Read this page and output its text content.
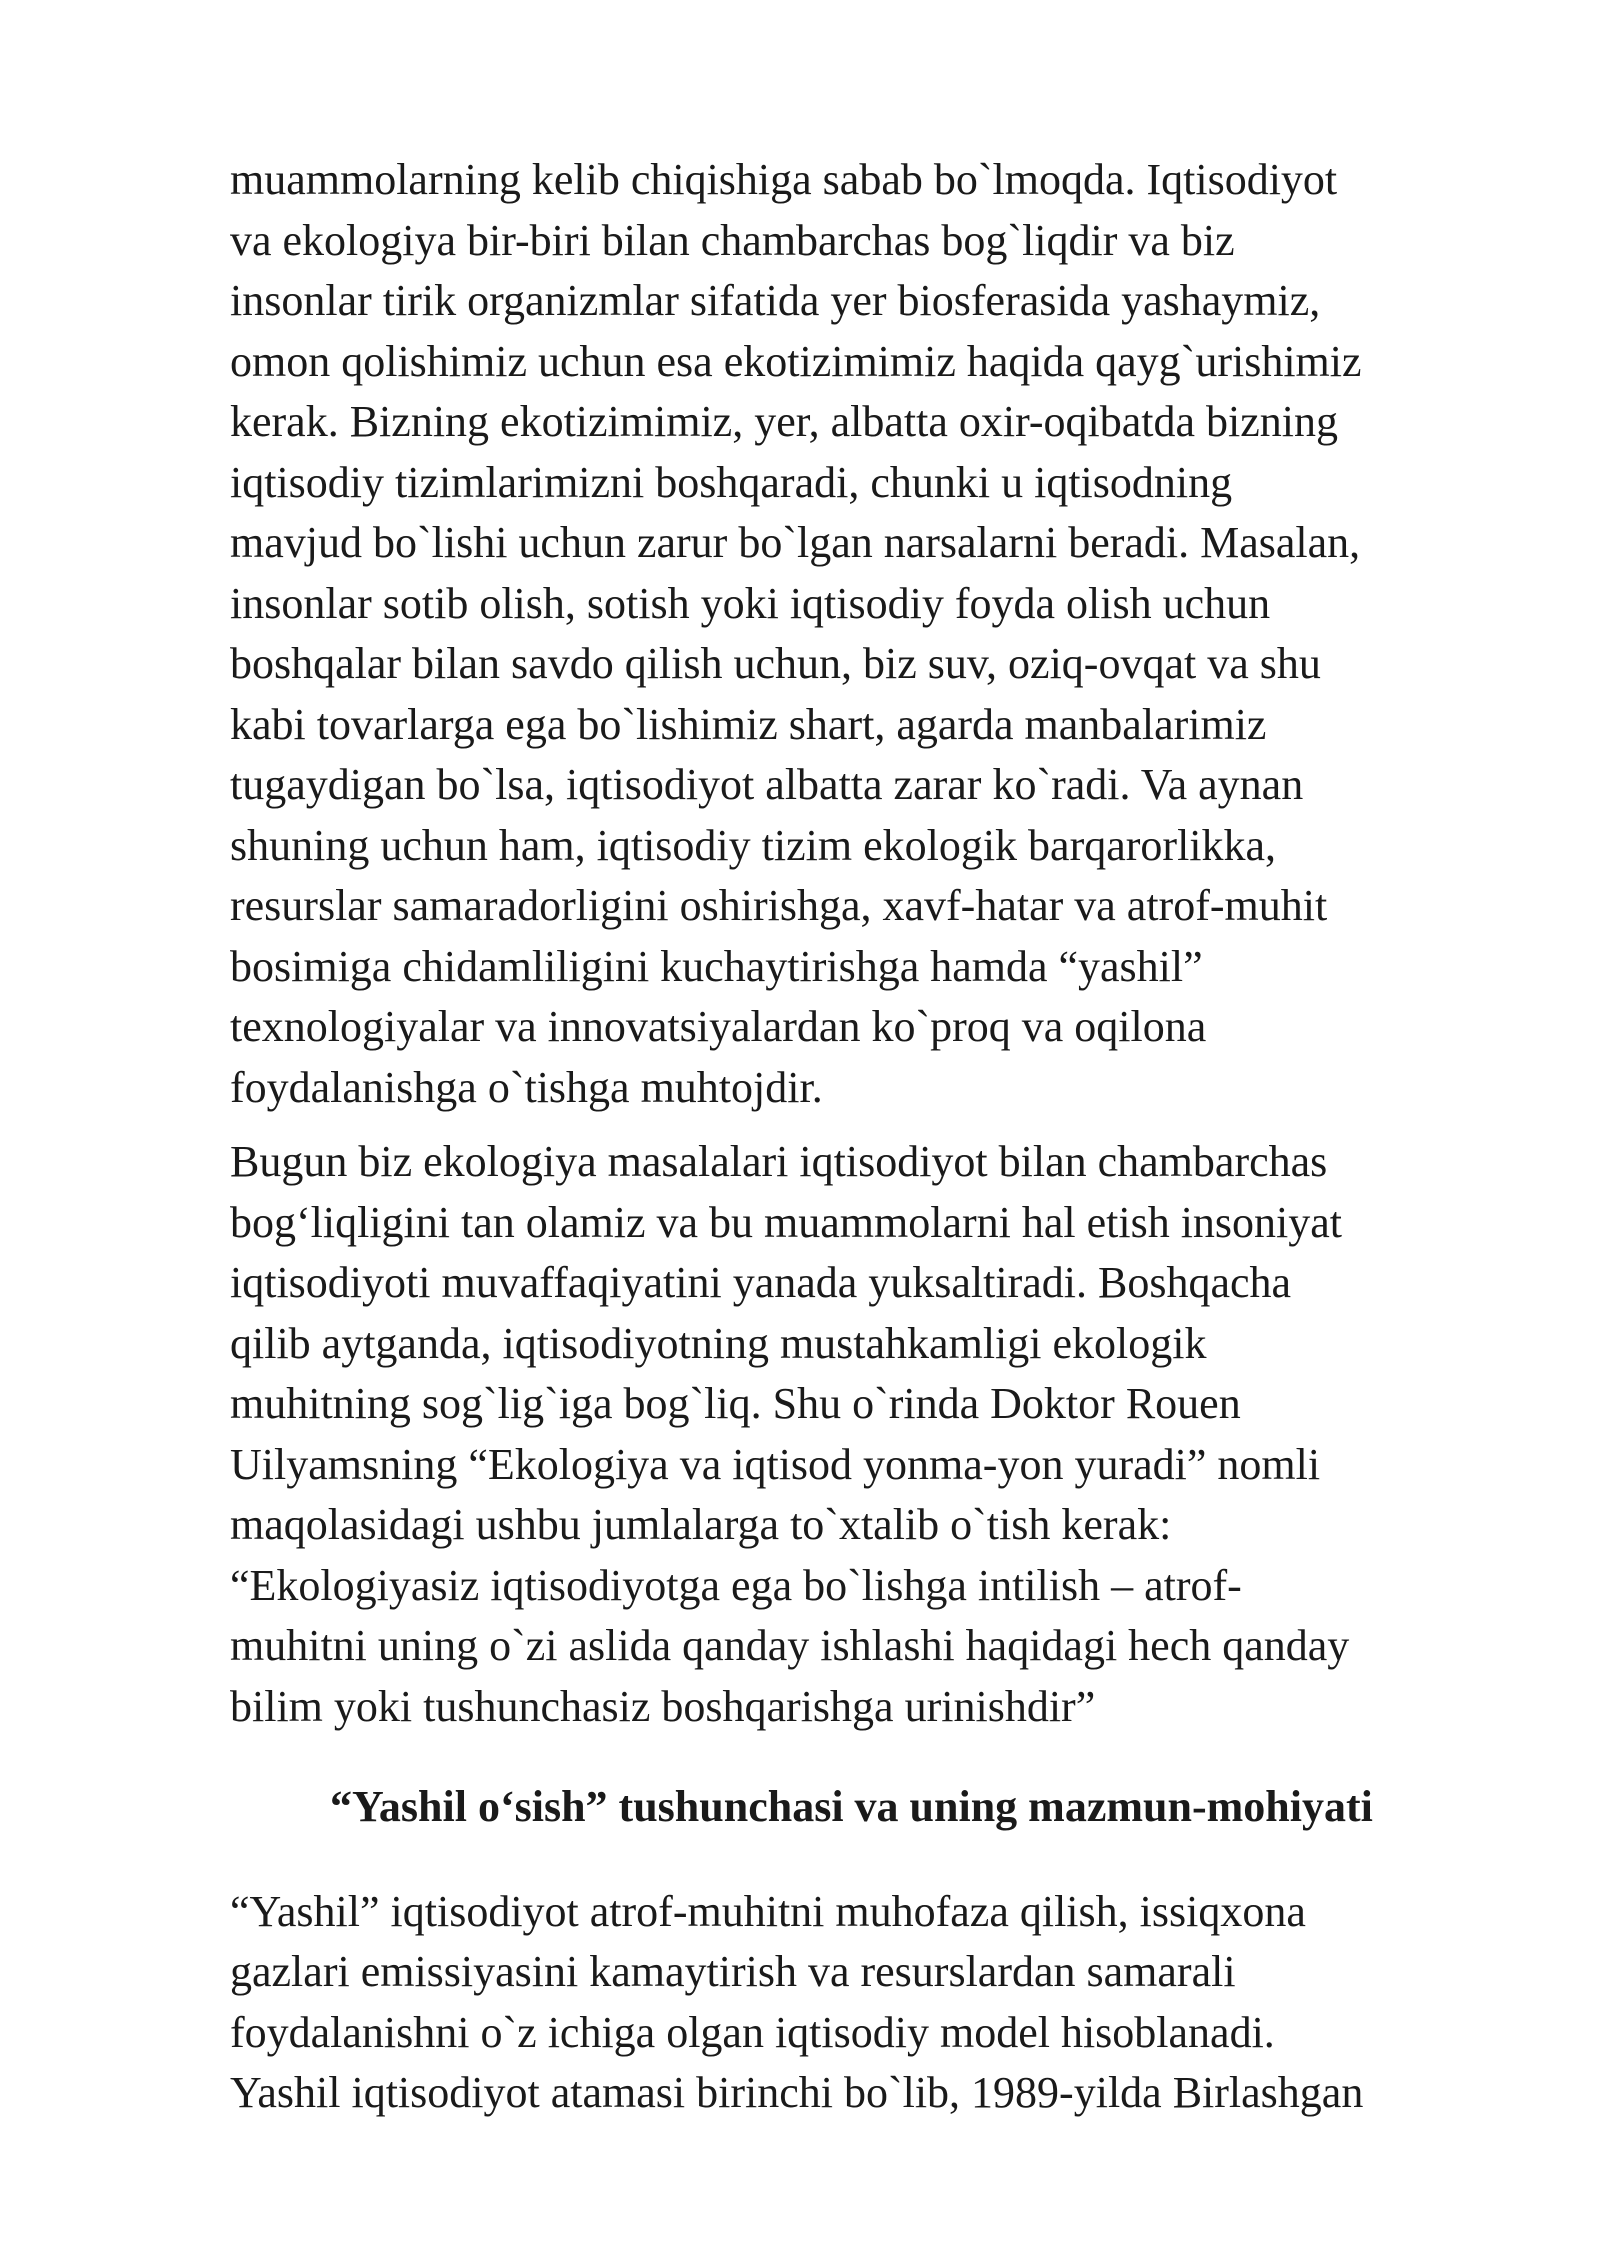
muammolarning kelib chiqishiga sabab bo`lmoqda. Iqtisodiyot
va ekologiya bir-biri bilan chambarchas bog`liqdir va biz
insonlar tirik organizmlar sifatida yer biosferasida yashaymiz,
omon qolishimiz uchun esa ekotizimimiz haqida qayg`urishimiz
kerak. Bizning ekotizimimiz, yer, albatta oxir-oqibatda bizning
iqtisodiy tizimlarimizni boshqaradi, chunki u iqtisodning
mavjud bo`lishi uchun zarur bo`lgan narsalarni beradi. Masalan,
insonlar sotib olish, sotish yoki iqtisodiy foyda olish uchun
boshqalar bilan savdo qilish uchun, biz suv, oziq-ovqat va shu
kabi tovarlarga ega bo`lishimiz shart, agarda manbalarimiz
tugaydigan bo`lsa, iqtisodiyot albatta zarar ko`radi. Va aynan
shuning uchun ham, iqtisodiy tizim ekologik barqarorlikka,
resurslar samaradorligini oshirishga, xavf-hatar va atrof-muhit
bosimiga chidamliligini kuchaytirishga hamda “yashil”
texnologiyalar va innovatsiyalardan ko`proq va oqilona
foydalanishga o`tishga muhtojdir.

Bugun biz ekologiya masalalari iqtisodiyot bilan chambarchas
bog‘liqligini tan olamiz va bu muammolarni hal etish insoniyat
iqtisodiyoti muvaffaqiyatini yanada yuksaltiradi. Boshqacha
qilib aytganda, iqtisodiyotning mustahkamligi ekologik
muhitning sog`lig`iga bog`liq. Shu o`rinda Doktor Rouen
Uilyamsning “Ekologiya va iqtisod yonma-yon yuradi” nomli
maqolasidagi ushbu jumlalarga to`xtalib o`tish kerak:
“Ekologiyasiz iqtisodiyotga ega bo`lishga intilish – atrof-
muhitni uning o`zi aslida qanday ishlashi haqidagi hech qanday
bilim yoki tushunchasiz boshqarishga urinishdir”

“Yashil o‘sish” tushunchasi va uning mazmun-mohiyati

“Yashil” iqtisodiyot atrof-muhitni muhofaza qilish, issiqxona
gazlari emissiyasini kamaytirish va resurslardan samarali
foydalanishni o`z ichiga olgan iqtisodiy model hisoblanadi.
Yashil iqtisodiyot atamasi birinchi bo`lib, 1989-yilda Birlashgan
